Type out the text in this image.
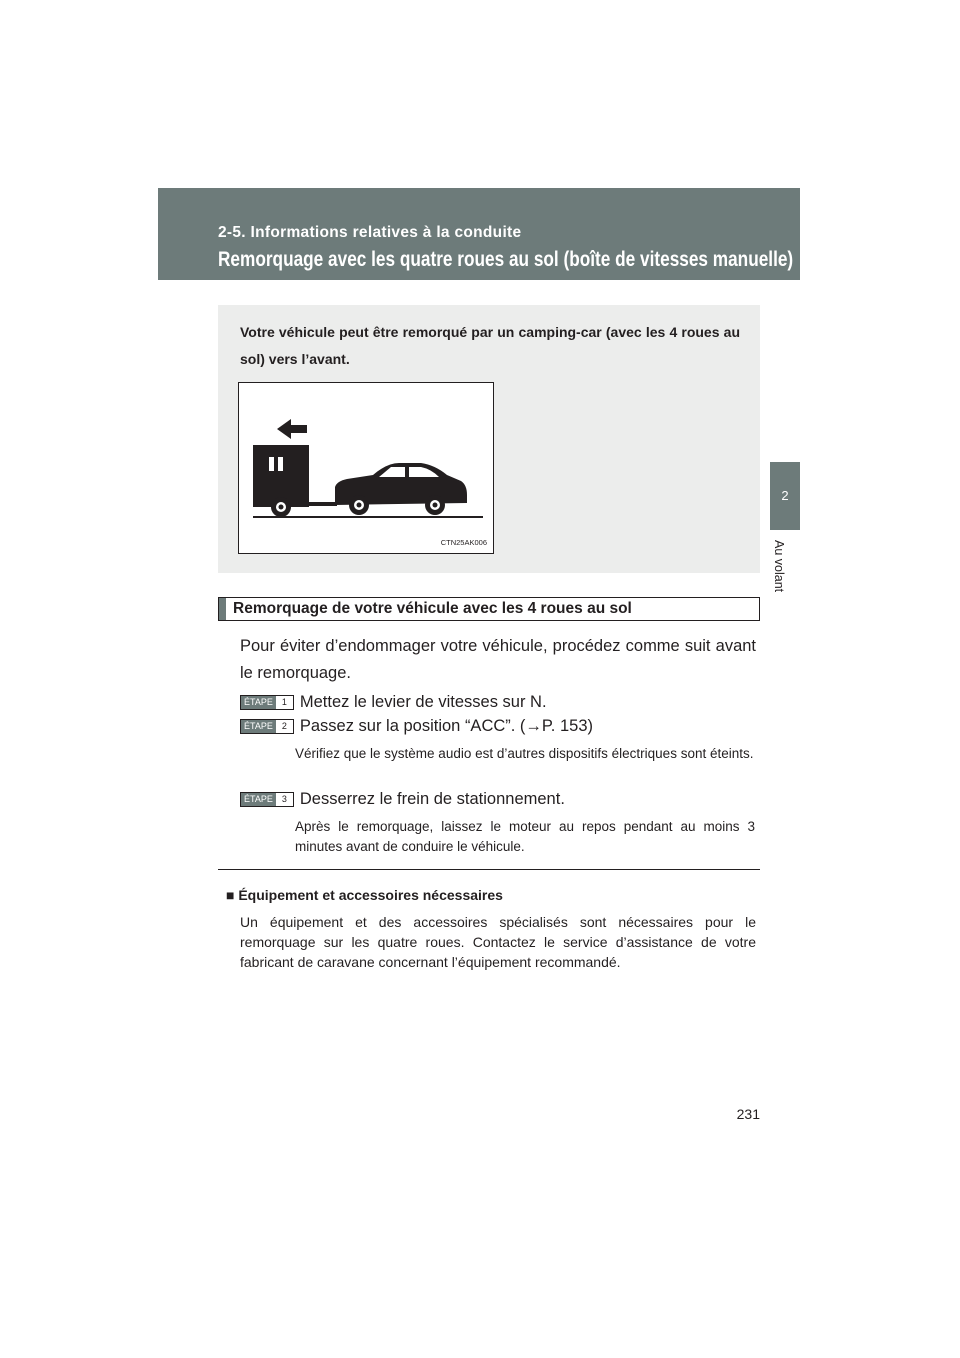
2-5. Informations relatives à la conduite
Remorquage avec les quatre roues au sol (boîte de vitesses manuelle)
2
Au volant
Votre véhicule peut être remorqué par un camping-car (avec les 4 roues au sol) vers l’avant.
CTN25AK006
Remorquage de votre véhicule avec les 4 roues au sol
Pour éviter d’endommager votre véhicule, procédez comme suit avant le remorquage.
ÉTAPE	1 Mettez le levier de vitesses sur N.
ÉTAPE	2 Passez sur la position “ACC”. (→P. 153)
Vérifiez que le système audio est d’autres dispositifs électriques sont éteints.
ÉTAPE	3 Desserrez le frein de stationnement.
Après le remorquage, laissez le moteur au repos pendant au moins 3 minutes avant de conduire le véhicule.
■ Équipement et accessoires nécessaires
Un équipement et des accessoires spécialisés sont nécessaires pour le remorquage sur les quatre roues. Contactez le service d’assistance de votre fabricant de caravane concernant l’équipement recommandé.
231
